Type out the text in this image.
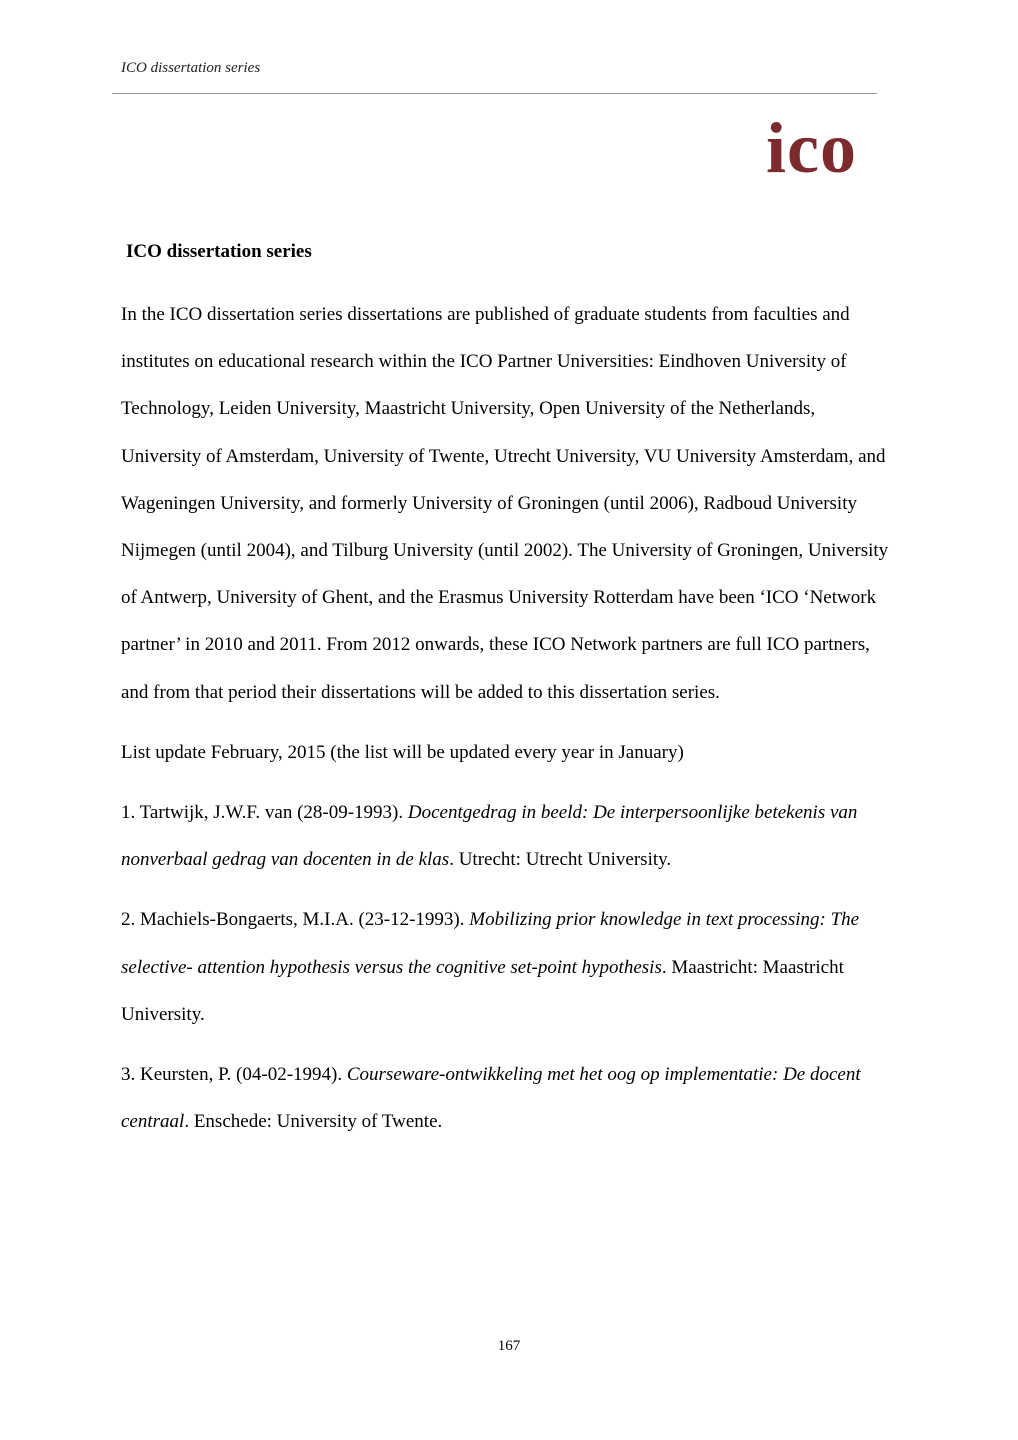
ICO dissertation series
ico
ICO dissertation series

In the ICO dissertation series dissertations are published of graduate students from faculties and institutes on educational research within the ICO Partner Universities: Eindhoven University of Technology, Leiden University, Maastricht University, Open University of the Netherlands, University of Amsterdam, University of Twente, Utrecht University, VU University Amsterdam, and Wageningen University, and formerly University of Groningen (until 2006), Radboud University Nijmegen (until 2004), and Tilburg University (until 2002). The University of Groningen, University of Antwerp, University of Ghent, and the Erasmus University Rotterdam have been ‘ICO ‘Network partner’ in 2010 and 2011. From 2012 onwards, these ICO Network partners are full ICO partners, and from that period their dissertations will be added to this dissertation series.

List update February, 2015 (the list will be updated every year in January)

1. Tartwijk, J.W.F. van (28-09-1993). Docentgedrag in beeld: De interpersoonlijke betekenis van nonverbaal gedrag van docenten in de klas. Utrecht: Utrecht University.

2. Machiels-Bongaerts, M.I.A. (23-12-1993). Mobilizing prior knowledge in text processing: The selective- attention hypothesis versus the cognitive set-point hypothesis. Maastricht: Maastricht University.

3. Keursten, P. (04-02-1994). Courseware-ontwikkeling met het oog op implementatie: De docent centraal. Enschede: University of Twente.

167
